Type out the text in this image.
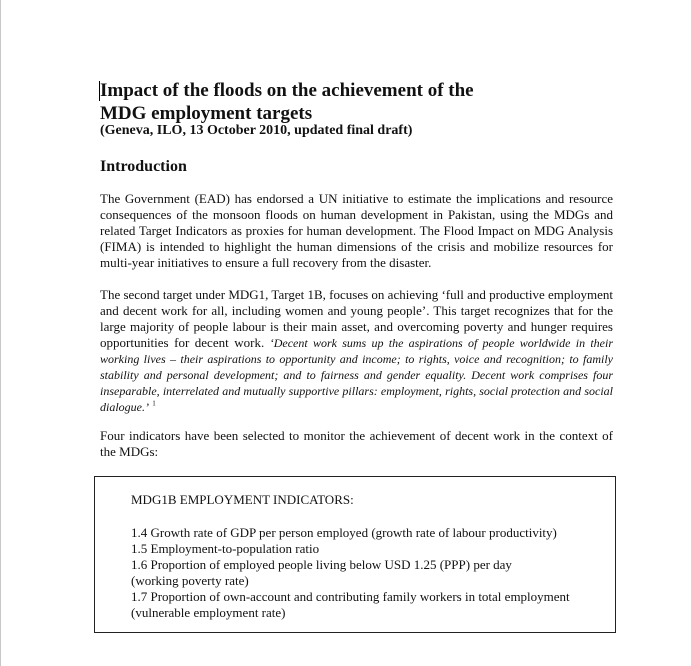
Impact of the floods on the achievement of the
MDG employment targets
(Geneva, ILO, 13 October 2010, updated final draft)
Introduction

The Government (EAD) has endorsed a UN initiative to estimate the implications and resource consequences of the monsoon floods on human development in Pakistan, using the MDGs and related Target Indicators as proxies for human development. The Flood Impact on MDG Analysis (FIMA) is intended to highlight the human dimensions of the crisis and mobilize resources for multi-year initiatives to ensure a full recovery from the disaster.

The second target under MDG1, Target 1B, focuses on achieving ‘full and productive employment and decent work for all, including women and young people’. This target recognizes that for the large majority of people labour is their main asset, and overcoming poverty and hunger requires opportunities for decent work. ‘Decent work sums up the aspirations of people worldwide in their working lives – their aspirations to opportunity and income; to rights, voice and recognition; to family stability and personal development; and to fairness and gender equality. Decent work comprises four inseparable, interrelated and mutually supportive pillars: employment, rights, social protection and social dialogue.’ $^1$

Four indicators have been selected to monitor the achievement of decent work in the context of the MDGs:

MDG1B EMPLOYMENT INDICATORS:
1.4 Growth rate of GDP per person employed (growth rate of labour productivity)
1.5 Employment-to-population ratio
1.6 Proportion of employed people living below USD 1.25 (PPP) per day
(working poverty rate)
1.7 Proportion of own-account and contributing family workers in total employment
(vulnerable employment rate)
